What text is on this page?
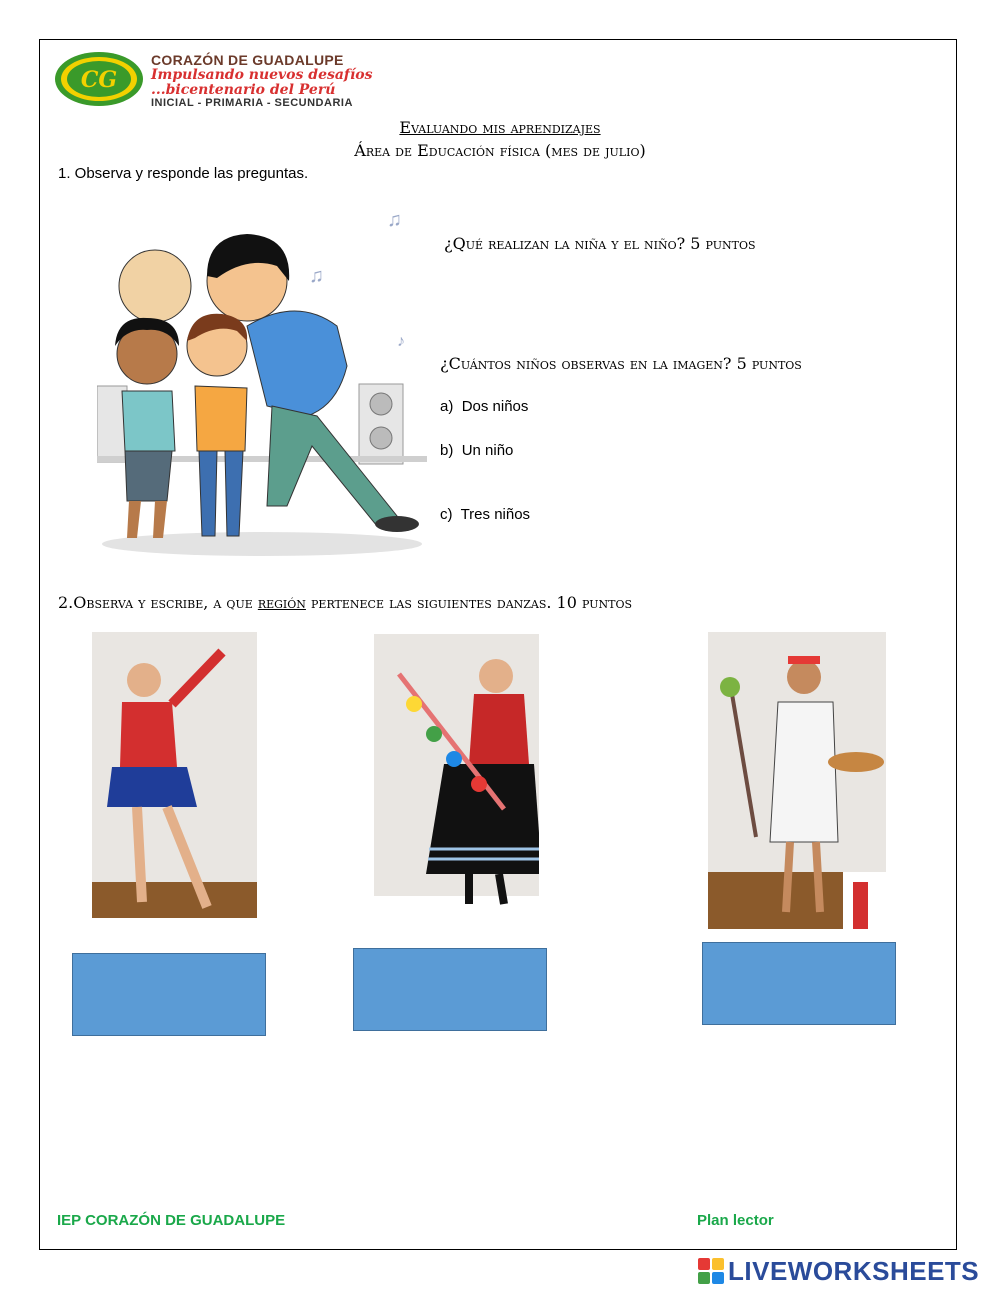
CG
CORAZÓN DE GUADALUPE
Impulsando nuevos desafíos
...bicentenario del Perú
INICIAL - PRIMARIA - SECUNDARIA
Evaluando mis aprendizajes
Área de Educación física (mes de julio)
1. Observa y responde las preguntas.
♫
♫
♪
¿Qué realizan la niña y el niño? 5 puntos
¿Cuántos niños observas en la imagen? 5 puntos
a) Dos niños
b) Un niño
c) Tres niños
2.Observa y escribe, a que región pertenece las siguientes danzas. 10 puntos
IEP CORAZÓN DE GUADALUPE	Plan lector
LIVEWORKSHEETS
